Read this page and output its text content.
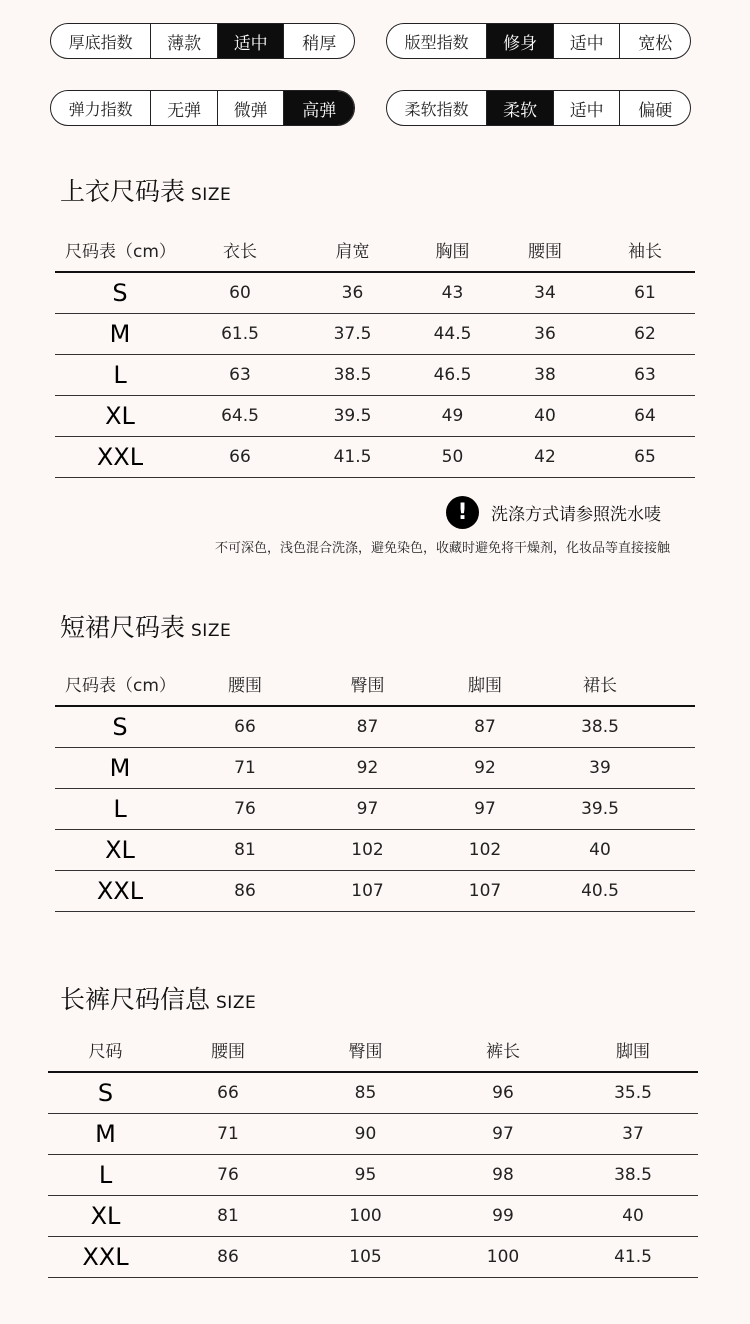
厚底指数	薄款	适中	稍厚	版型指数	修身	适中	宽松
弹力指数	无弹	微弹	高弹	柔软指数	柔软	适中	偏硬
上衣尺码表 SIZE
尺码表（cm）	衣长	肩宽	胸围	腰围	袖长
S	60	36	43	34	61
M	61.5	37.5	44.5	36	62
L	63	38.5	46.5	38	63
XL	64.5	39.5	49	40	64
XXL	66	41.5	50	42	65
!	洗涤方式请参照洗水唛
不可深色，浅色混合洗涤，避免染色，收藏时避免将干燥剂，化妆品等直接接触
短裙尺码表 SIZE
尺码表（cm）	腰围	臀围	脚围	裙长	
S	66	87	87	38.5	
M	71	92	92	39	
L	76	97	97	39.5	
XL	81	102	102	40	
XXL	86	107	107	40.5	
长裤尺码信息 SIZE
尺码	腰围	臀围	裤长	脚围
S	66	85	96	35.5
M	71	90	97	37
L	76	95	98	38.5
XL	81	100	99	40
XXL	86	105	100	41.5
